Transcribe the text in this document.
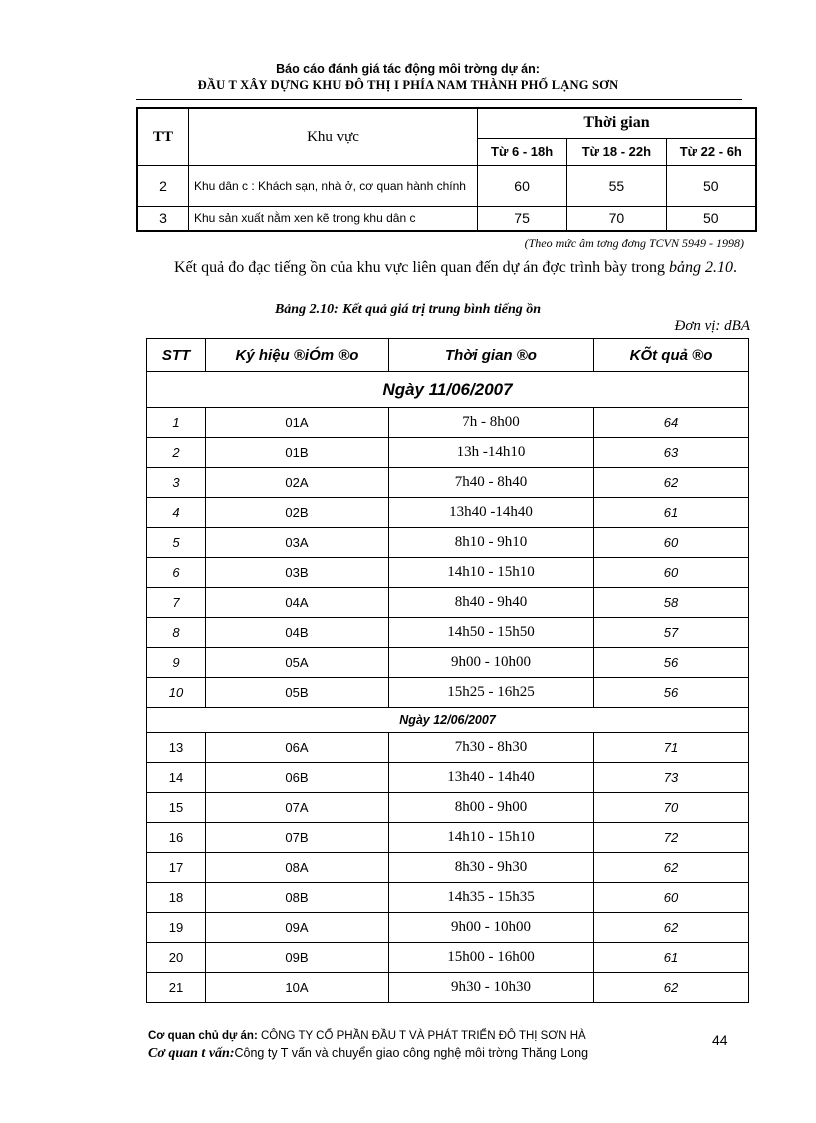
Báo cáo đánh giá tác động môi trờng dự án:
ĐẦU T XÂY DỰNG KHU ĐÔ THỊ I PHÍA NAM THÀNH PHỐ LẠNG SƠN
TT	Khu vực	Thời gian		
		Từ 6 - 18h	Từ 18 - 22h	Từ 22 - 6h
2	Khu dân c : Khách sạn, nhà ở, cơ quan hành chính	60	55	50
3	Khu sản xuất nằm xen kẽ trong khu dân c	75	70	50
(Theo mức âm tơng đơng TCVN 5949 - 1998)
Kết quả đo đạc tiếng ồn của khu vực liên quan đến dự án đợc trình bày trong bảng 2.10.
Bảng 2.10: Kết quả giá trị trung bình tiếng ồn
Đơn vị: dBA
STT	Ký hiệu ®iÓm ®o	Thời gian ®o	KÕt quả ®o
Ngày 11/06/2007			
1	01A	7h - 8h00	64
2	01B	13h -14h10	63
3	02A	7h40 - 8h40	62
4	02B	13h40 -14h40	61
5	03A	8h10 - 9h10	60
6	03B	14h10 - 15h10	60
7	04A	8h40 - 9h40	58
8	04B	14h50 - 15h50	57
9	05A	9h00 - 10h00	56
10	05B	15h25 - 16h25	56
Ngày 12/06/2007			
13	06A	7h30 - 8h30	71
14	06B	13h40 - 14h40	73
15	07A	8h00 - 9h00	70
16	07B	14h10 - 15h10	72
17	08A	8h30 - 9h30	62
18	08B	14h35 - 15h35	60
19	09A	9h00 - 10h00	62
20	09B	15h00 - 16h00	61
21	10A	9h30 - 10h30	62
Cơ quan chủ dự án: CÔNG TY CỔ PHẦN ĐẦU T VÀ PHÁT TRIỂN ĐÔ THỊ SƠN HÀ
Cơ quan t vấn:Công ty T vấn và chuyển giao công nghệ môi trờng Thăng Long
44
